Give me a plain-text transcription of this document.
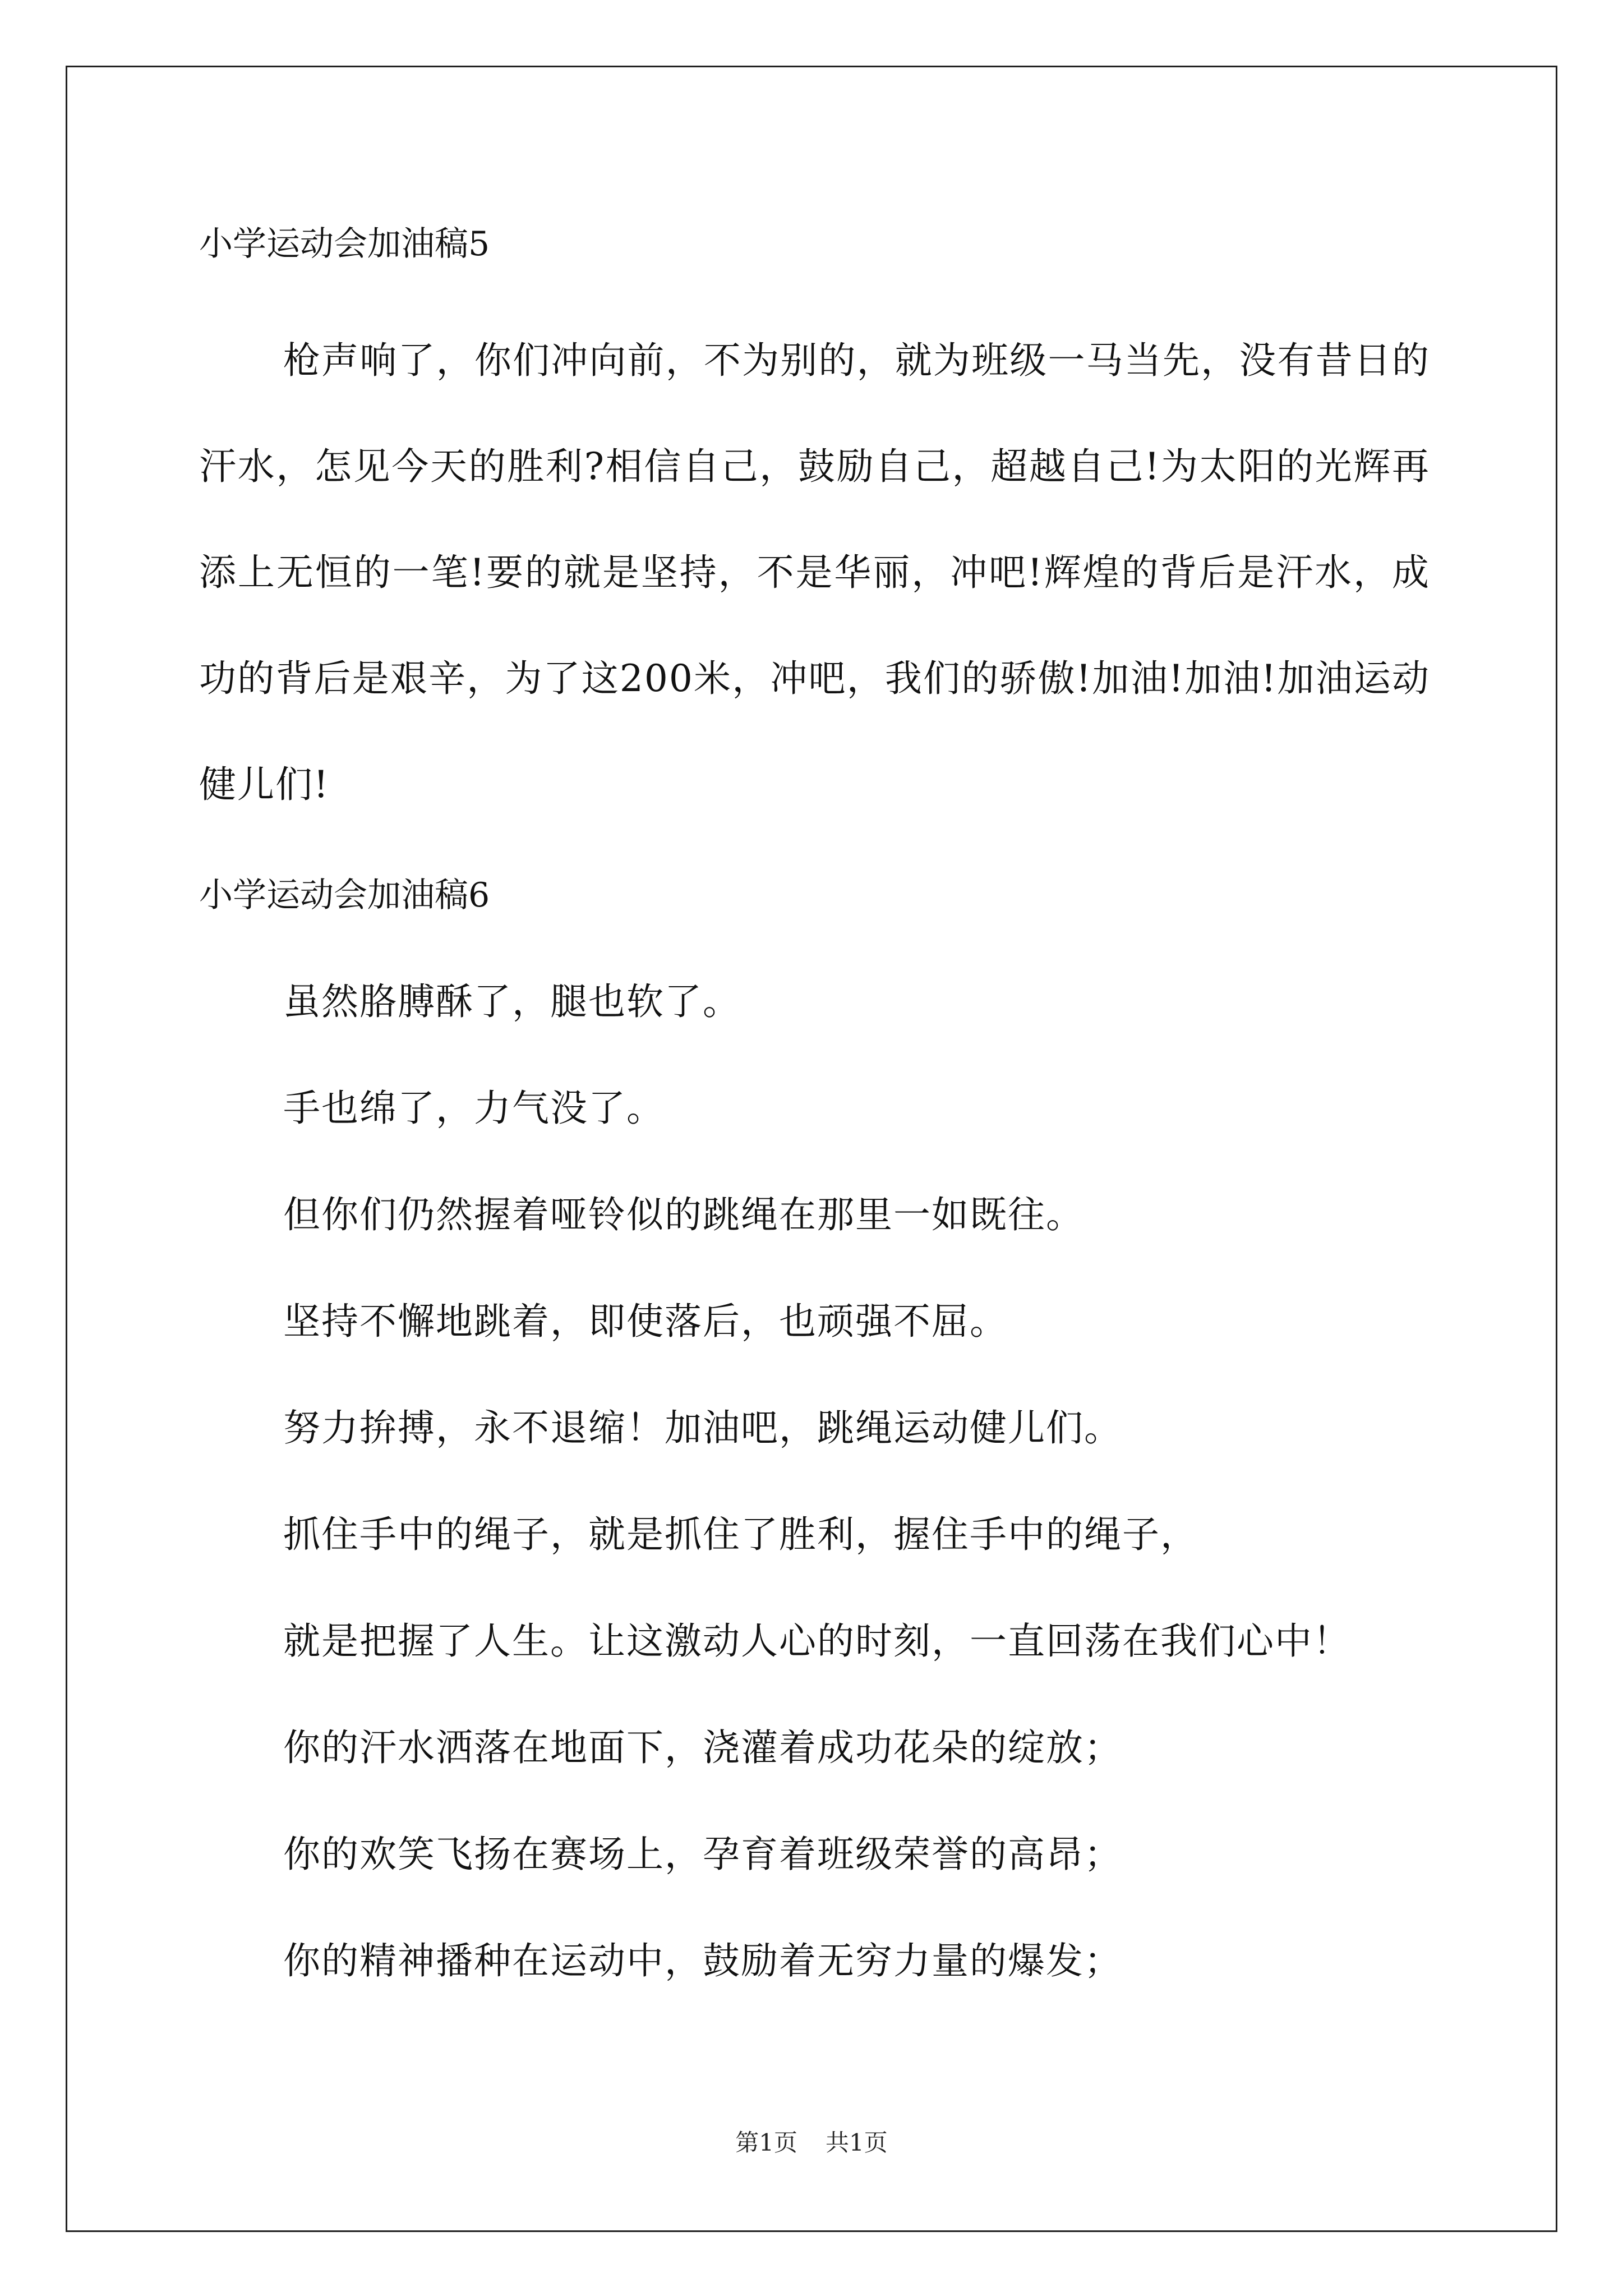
小学运动会加油稿5

枪声响了，你们冲向前，不为别的，就为班级一马当先，没有昔日的汗水，怎见今天的胜利?相信自己，鼓励自己，超越自己!为太阳的光辉再添上无恒的一笔!要的就是坚持，不是华丽，冲吧!辉煌的背后是汗水，成功的背后是艰辛，为了这200米，冲吧，我们的骄傲!加油!加油!加油运动健儿们!

小学运动会加油稿6
虽然胳膊酥了，腿也软了。
手也绵了，力气没了。
但你们仍然握着哑铃似的跳绳在那里一如既往。
坚持不懈地跳着，即使落后，也顽强不屈。
努力拚搏，永不退缩！加油吧，跳绳运动健儿们。
抓住手中的绳子，就是抓住了胜利，握住手中的绳子，
就是把握了人生。让这激动人心的时刻，一直回荡在我们心中！
你的汗水洒落在地面下，浇灌着成功花朵的绽放；
你的欢笑飞扬在赛场上，孕育着班级荣誉的高昂；
你的精神播种在运动中，鼓励着无穷力量的爆发；
第1页 共1页
